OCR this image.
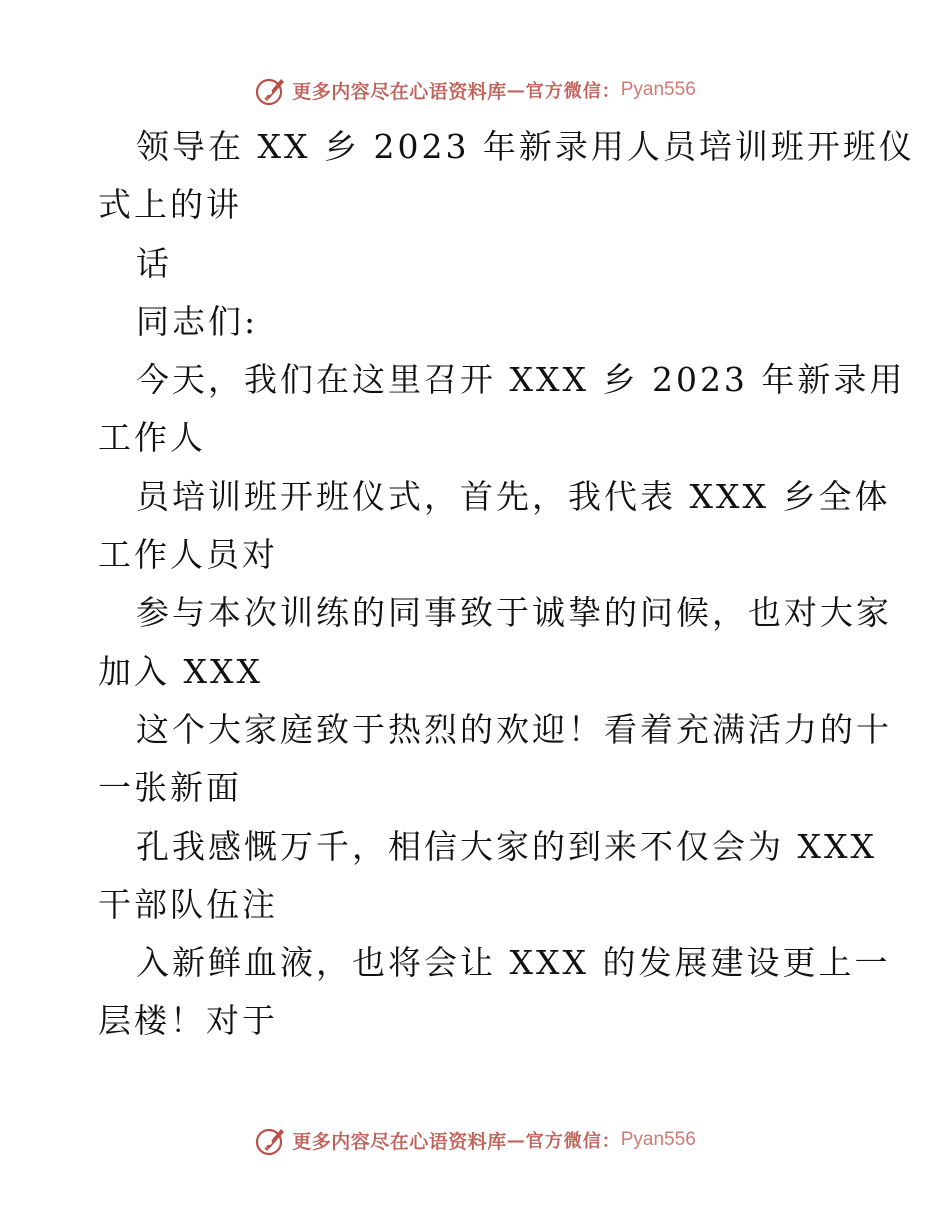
更多内容尽在心语资料库 — 官方微信： Pyan556
领导在 XX 乡 2023 年新录用人员培训班开班仪
式上的讲
话
同志们:
今天，我们在这里召开 XXX 乡 2023 年新录用
工作人
员培训班开班仪式，首先，我代表 XXX 乡全体
工作人员对
参与本次训练的同事致于诚挚的问候，也对大家
加入 XXX
这个大家庭致于热烈的欢迎！看着充满活力的十
一张新面
孔我感慨万千，相信大家的到来不仅会为 XXX
干部队伍注
入新鲜血液，也将会让 XXX 的发展建设更上一
层楼！对于
更多内容尽在心语资料库 — 官方微信： Pyan556
